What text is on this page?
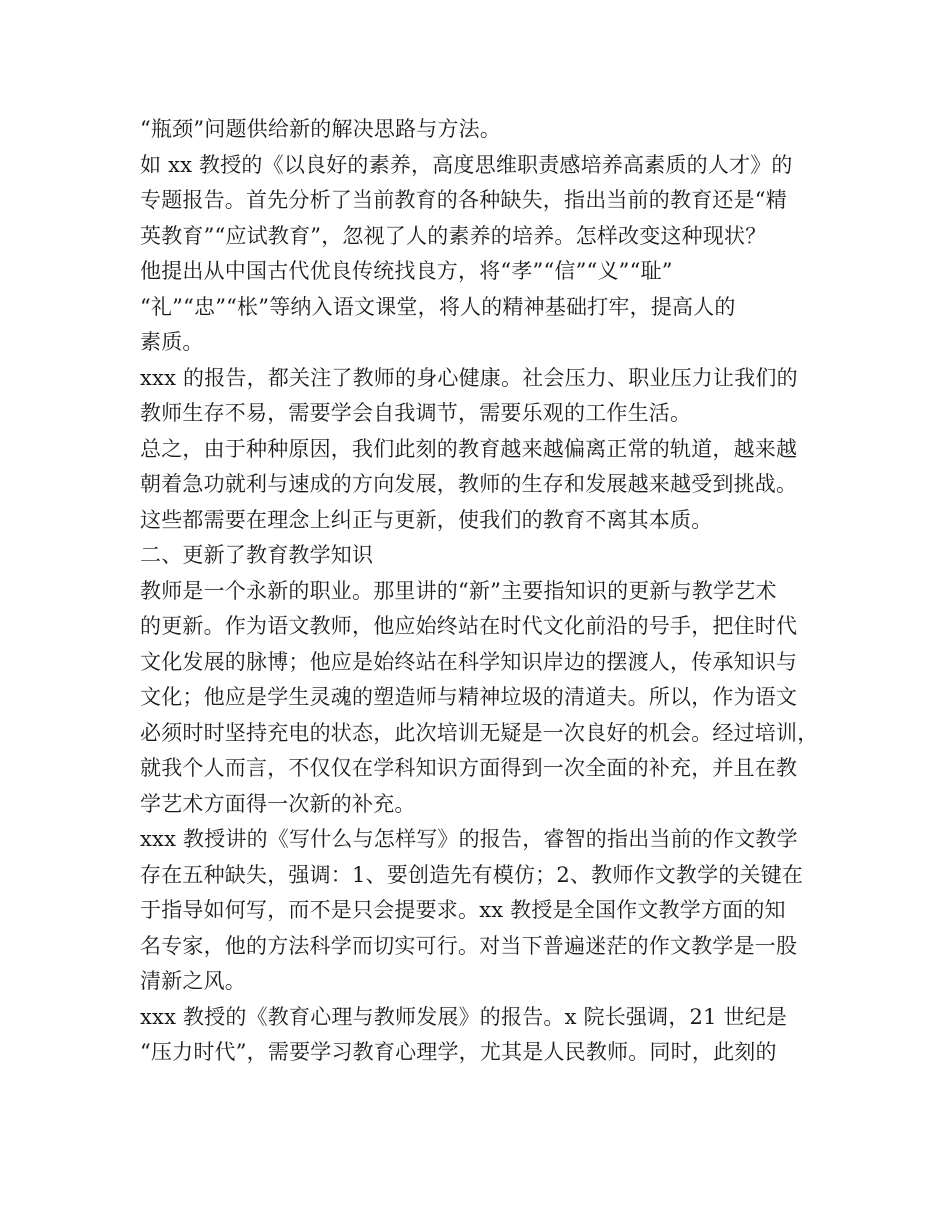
“瓶颈”问题供给新的解决思路与方法。
如 xx 教授的《以良好的素养，高度思维职责感培养高素质的人才》的
专题报告。首先分析了当前教育的各种缺失，指出当前的教育还是“精
英教育”“应试教育”，忽视了人的素养的培养。怎样改变这种现状？
他提出从中国古代优良传统找良方，将“孝”“信”“义”“耻”
“礼”“忠”“枨”等纳入语文课堂，将人的精神基础打牢，提高人的
素质。
xxx 的报告，都关注了教师的身心健康。社会压力、职业压力让我们的
教师生存不易，需要学会自我调节，需要乐观的工作生活。
总之，由于种种原因，我们此刻的教育越来越偏离正常的轨道，越来越
朝着急功就利与速成的方向发展，教师的生存和发展越来越受到挑战。
这些都需要在理念上纠正与更新，使我们的教育不离其本质。
二、更新了教育教学知识
教师是一个永新的职业。那里讲的“新”主要指知识的更新与教学艺术
的更新。作为语文教师，他应始终站在时代文化前沿的号手，把住时代
文化发展的脉博；他应是始终站在科学知识岸边的摆渡人，传承知识与
文化；他应是学生灵魂的塑造师与精神垃圾的清道夫。所以，作为语文
必须时时坚持充电的状态，此次培训无疑是一次良好的机会。经过培训，
就我个人而言，不仅仅在学科知识方面得到一次全面的补充，并且在教
学艺术方面得一次新的补充。
xxx 教授讲的《写什么与怎样写》的报告，睿智的指出当前的作文教学
存在五种缺失，强调：1、要创造先有模仿；2、教师作文教学的关键在
于指导如何写，而不是只会提要求。xx 教授是全国作文教学方面的知
名专家，他的方法科学而切实可行。对当下普遍迷茫的作文教学是一股
清新之风。
xxx 教授的《教育心理与教师发展》的报告。x 院长强调，21 世纪是
“压力时代”，需要学习教育心理学，尤其是人民教师。同时，此刻的
